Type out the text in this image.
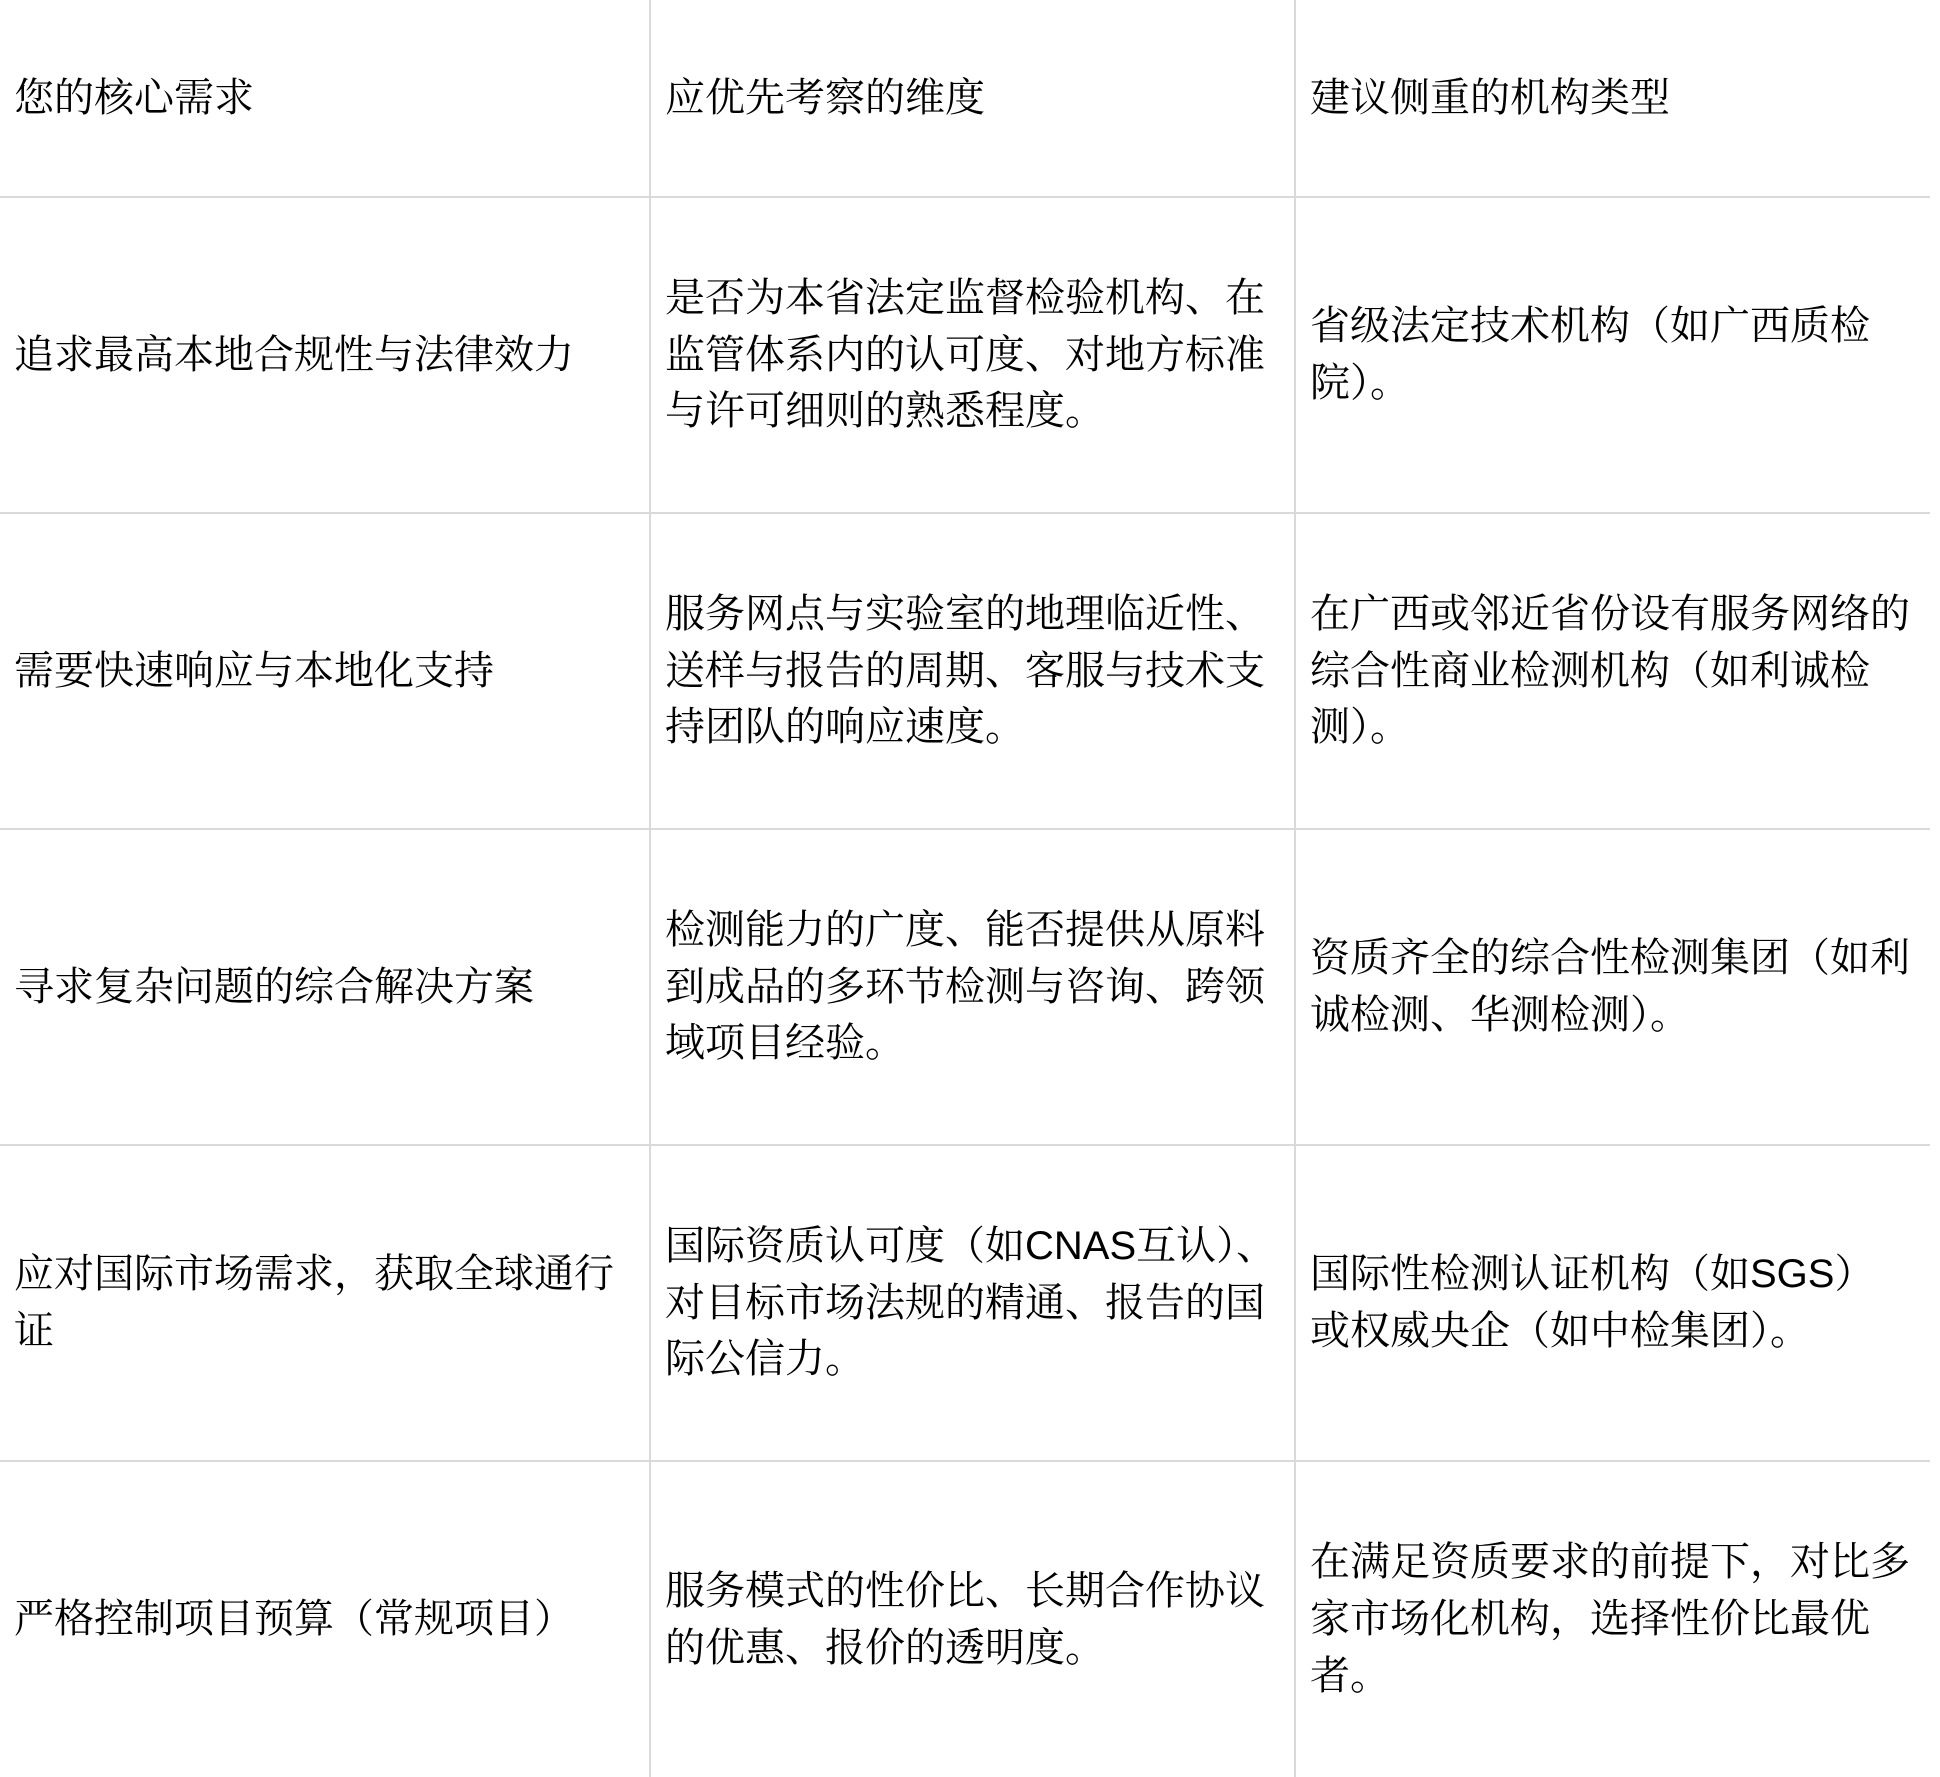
您的核心需求	应优先考察的维度	建议侧重的机构类型
追求最高本地合规性与法律效力	是否为本省法定监督检验机构、在监管体系内的认可度、对地方标准与许可细则的熟悉程度。	省级法定技术机构（如广西质检院）。
需要快速响应与本地化支持	服务网点与实验室的地理临近性、送样与报告的周期、客服与技术支持团队的响应速度。	在广西或邻近省份设有服务网络的综合性商业检测机构（如利诚检测）。
寻求复杂问题的综合解决方案	检测能力的广度、能否提供从原料到成品的多环节检测与咨询、跨领域项目经验。	资质齐全的综合性检测集团（如利诚检测、华测检测）。
应对国际市场需求，获取全球通行证	国际资质认可度（如CNAS互认）、对目标市场法规的精通、报告的国际公信力。	国际性检测认证机构（如SGS）或权威央企（如中检集团）。
严格控制项目预算（常规项目）	服务模式的性价比、长期合作协议的优惠、报价的透明度。	在满足资质要求的前提下，对比多家市场化机构，选择性价比最优者。
